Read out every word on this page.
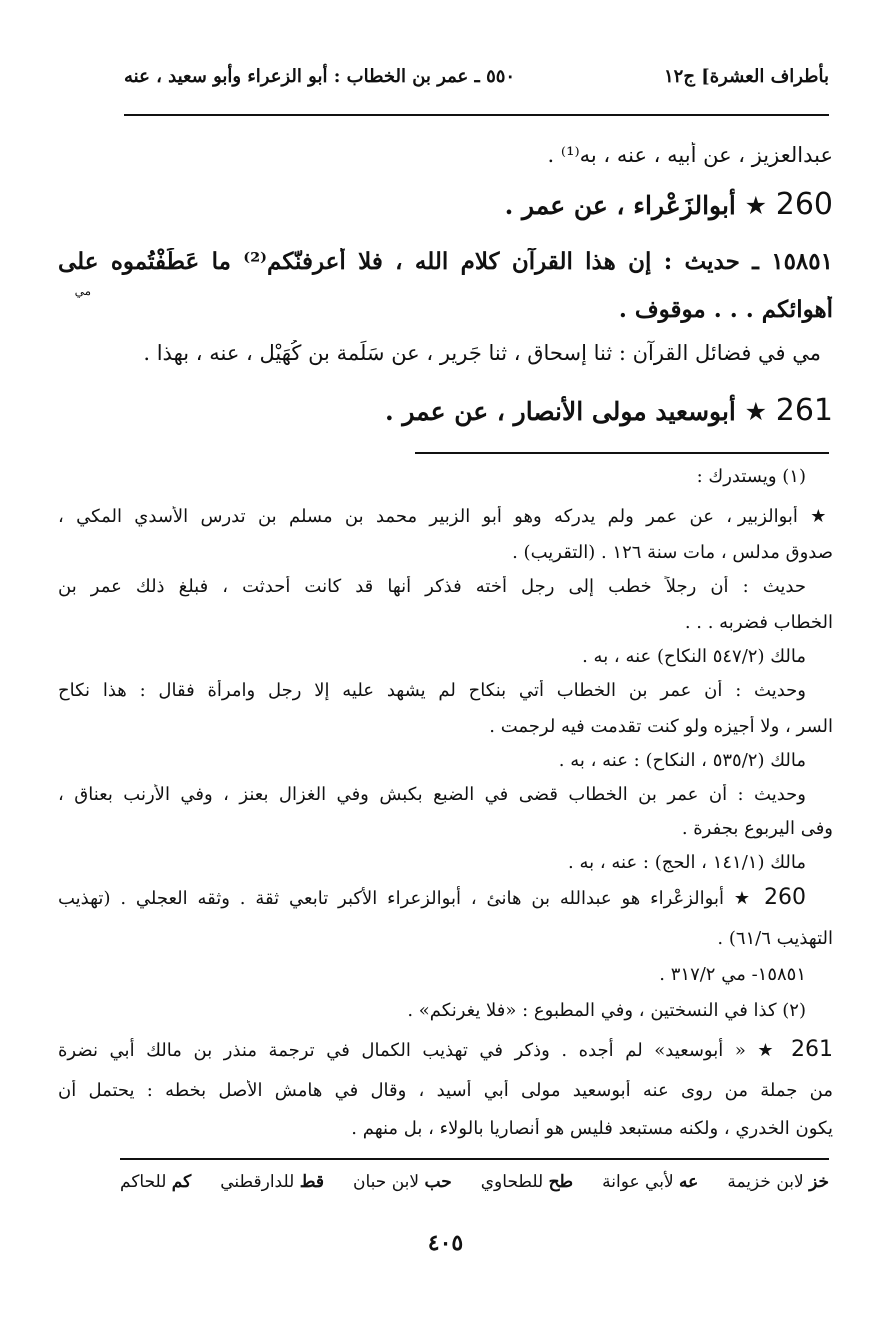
بأطراف العشرة] ج١٢
٥٥٠ ـ عمر بن الخطاب : أبو الزعراء وأبو سعيد ، عنه
عبدالعزيز ، عن أبيه ، عنه ، به⁽¹⁾ .
260 ★ أبوالزَعْراء ، عن عمر .
١٥٨٥١ ـ حديث : إن هذا القرآن كلام الله ، فلا أعرفنّكم⁽²⁾ ما عَطَفْتُموه على
مي
أهوائكم . . . موقوف .
مي في فضائل القرآن : ثنا إسحاق ، ثنا جَرير ، عن سَلَمة بن كُهَيْل ، عنه ، بهذا .
261 ★ أبوسعيد مولى الأنصار ، عن عمر .
(١) ويستدرك :
★ أبوالزبير ، عن عمر ولم يدركه وهو أبو الزبير محمد بن مسلم بن تدرس الأسدي المكي ،
صدوق مدلس ، مات سنة ١٢٦ . (التقريب) .
حديث : أن رجلاً خطب إلى رجل أخته فذكر أنها قد كانت أحدثت ، فبلغ ذلك عمر بن
الخطاب فضربه . . .
مالك (٥٤٧/٢ النكاح) عنه ، به .
وحديث : أن عمر بن الخطاب أتي بنكاح لم يشهد عليه إلا رجل وامرأة فقال : هذا نكاح
السر ، ولا أجيزه ولو كنت تقدمت فيه لرجمت .
مالك (٥٣٥/٢ ، النكاح) : عنه ، به .
وحديث : أن عمر بن الخطاب قضى في الضبع بكبش وفي الغزال بعنز ، وفي الأرنب بعناق ،
وفى اليربوع بجفرة .
مالك (١٤١/١ ، الحج) : عنه ، به .
260 ★ أبوالزعْراء هو عبدالله بن هانئ ، أبوالزعراء الأكبر تابعي ثقة . وثقه العجلي . (تهذيب
التهذيب ٦١/٦) .
١٥٨٥١- مي ٣١٧/٢ .
(٢) كذا في النسختين ، وفي المطبوع : «فلا يغرنكم» .
261 ★ « أبوسعيد» لم أجده . وذكر في تهذيب الكمال في ترجمة منذر بن مالك أبي نضرة
من جملة من روى عنه أبوسعيد مولى أبي أسيد ، وقال في هامش الأصل بخطه : يحتمل أن
يكون الخدري ، ولكنه مستبعد فليس هو أنصاريا بالولاء ، بل منهم .
خز لابن خزيمة
عه لأبي عوانة
طح للطحاوي
حب لابن حبان
قط للدارقطني
كم للحاكم
٤٠٥
